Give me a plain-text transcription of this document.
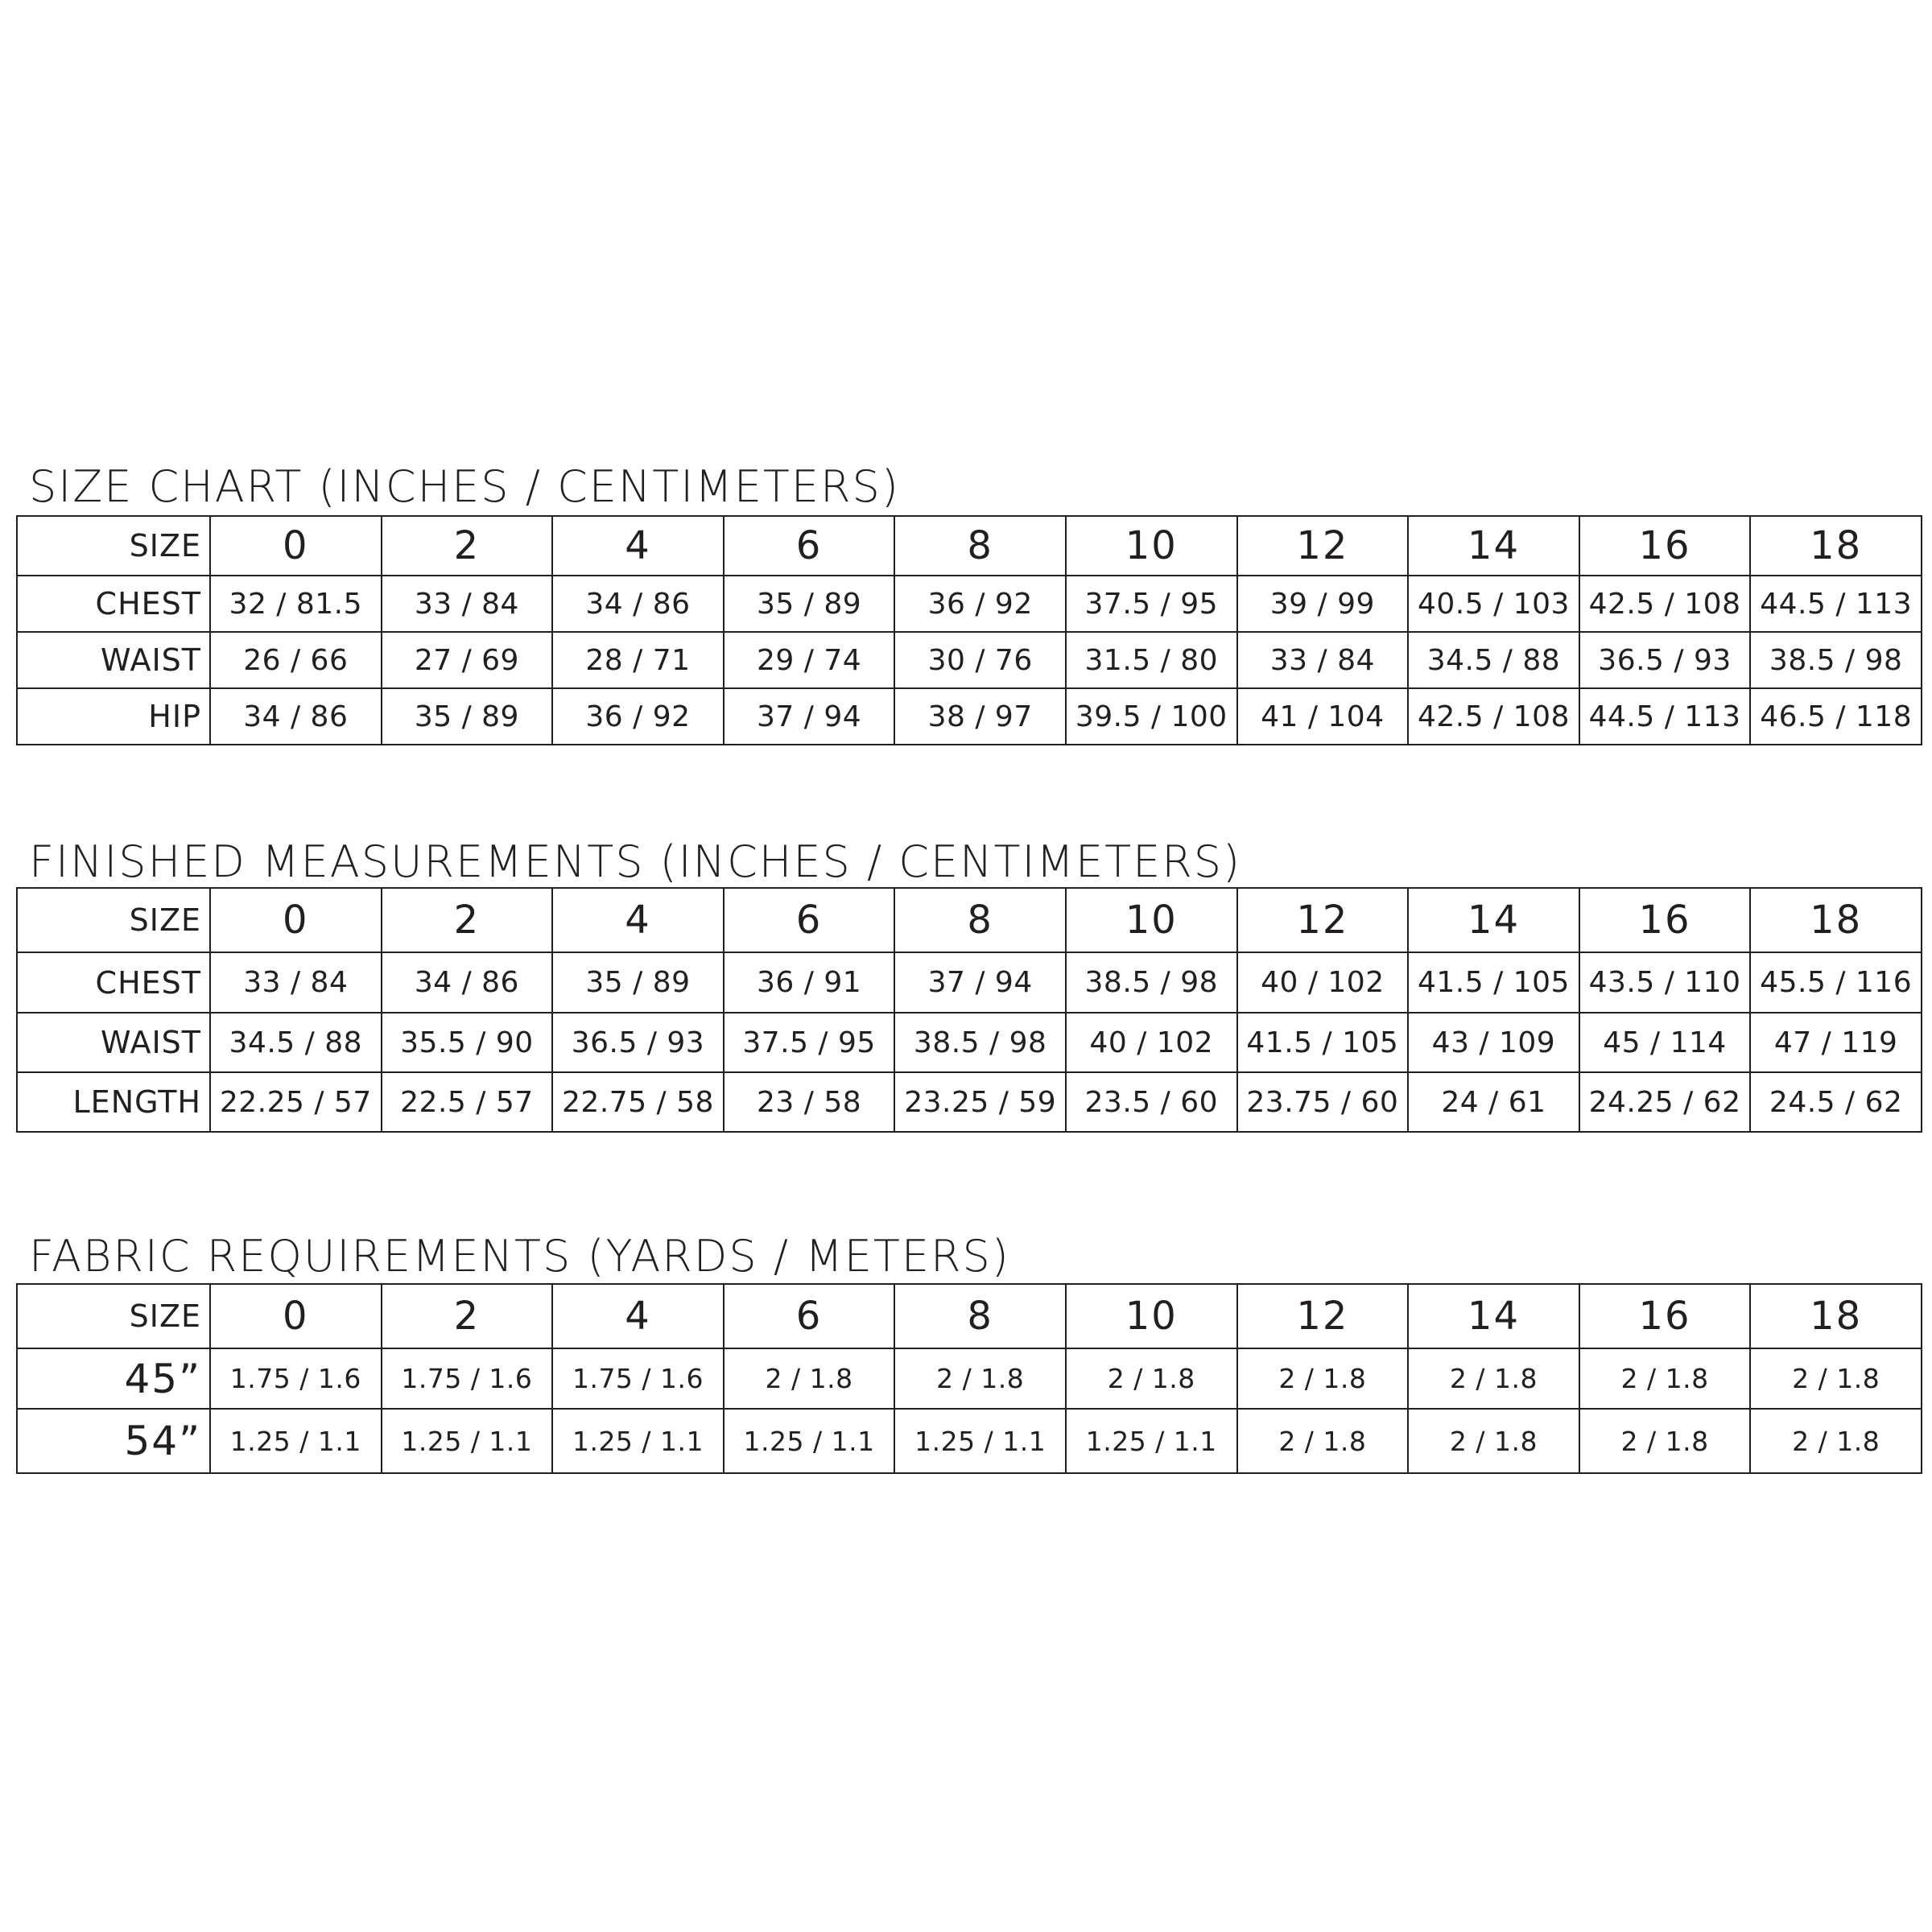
SIZE CHART (INCHES / CENTIMETERS)
SIZE	0	2	4	6	8	10	12	14	16	18
CHEST	32 / 81.5	33 / 84	34 / 86	35 / 89	36 / 92	37.5 / 95	39 / 99	40.5 / 103	42.5 / 108	44.5 / 113
WAIST	26 / 66	27 / 69	28 / 71	29 / 74	30 / 76	31.5 / 80	33 / 84	34.5 / 88	36.5 / 93	38.5 / 98
HIP	34 / 86	35 / 89	36 / 92	37 / 94	38 / 97	39.5 / 100	41 / 104	42.5 / 108	44.5 / 113	46.5 / 118
FINISHED MEASUREMENTS (INCHES / CENTIMETERS)
SIZE	0	2	4	6	8	10	12	14	16	18
CHEST	33 / 84	34 / 86	35 / 89	36 / 91	37 / 94	38.5 / 98	40 / 102	41.5 / 105	43.5 / 110	45.5 / 116
WAIST	34.5 / 88	35.5 / 90	36.5 / 93	37.5 / 95	38.5 / 98	40 / 102	41.5 / 105	43 / 109	45 / 114	47 / 119
LENGTH	22.25 / 57	22.5 / 57	22.75 / 58	23 / 58	23.25 / 59	23.5 / 60	23.75 / 60	24 / 61	24.25 / 62	24.5 / 62
FABRIC REQUIREMENTS (YARDS / METERS)
SIZE	0	2	4	6	8	10	12	14	16	18
45”	1.75 / 1.6	1.75 / 1.6	1.75 / 1.6	2 / 1.8	2 / 1.8	2 / 1.8	2 / 1.8	2 / 1.8	2 / 1.8	2 / 1.8
54”	1.25 / 1.1	1.25 / 1.1	1.25 / 1.1	1.25 / 1.1	1.25 / 1.1	1.25 / 1.1	2 / 1.8	2 / 1.8	2 / 1.8	2 / 1.8
